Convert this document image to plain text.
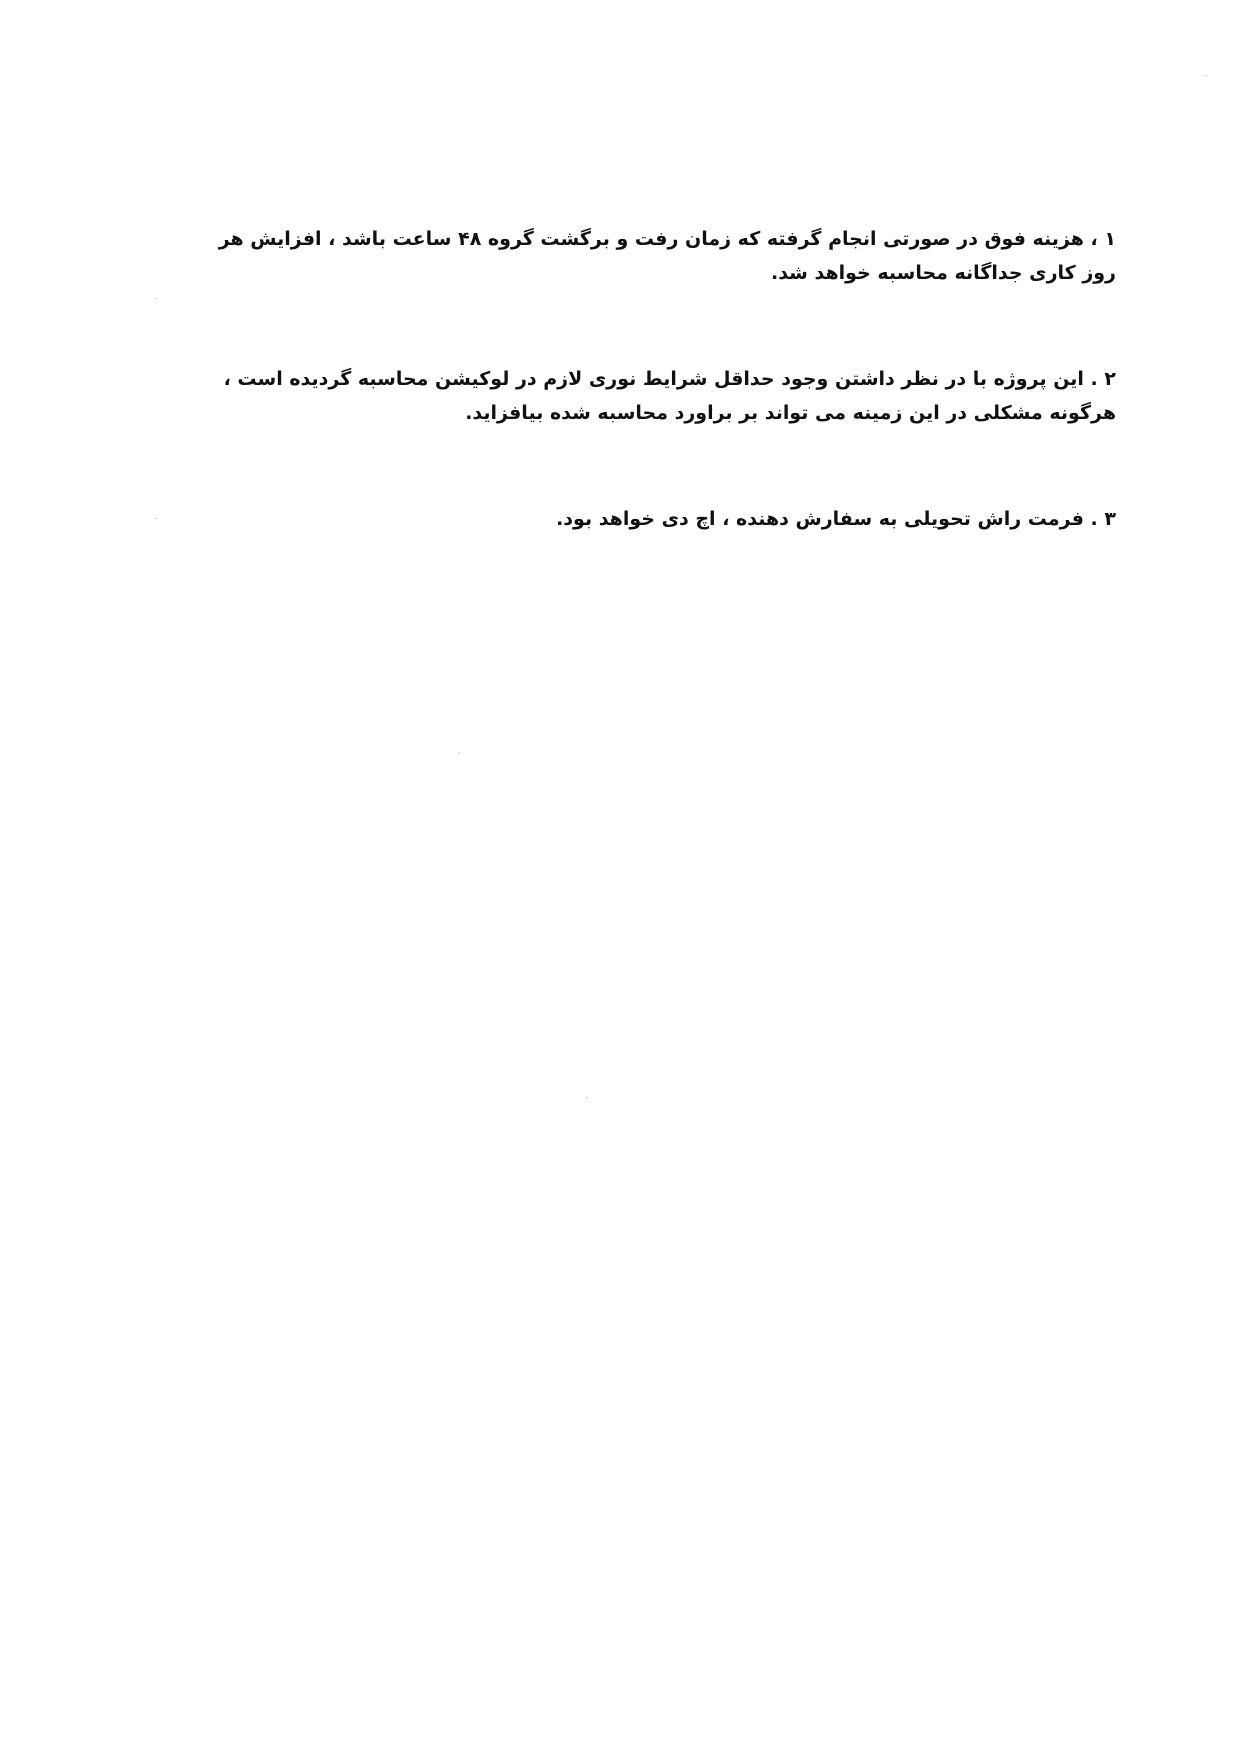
۱ ، هزینه فوق در صورتی انجام گرفته که زمان رفت و برگشت گروه ۴۸ ساعت باشد ، افزایش هر روز کاری جداگانه محاسبه خواهد شد.

۲ . این پروژه با در نظر داشتن وجود حداقل شرایط نوری لازم در لوکیشن محاسبه گردیده است ، هرگونه مشکلی در این زمینه می تواند بر براورد محاسبه شده بیافزاید.

۳ . فرمت راش تحویلی به سفارش دهنده ، اچ دی خواهد بود.
